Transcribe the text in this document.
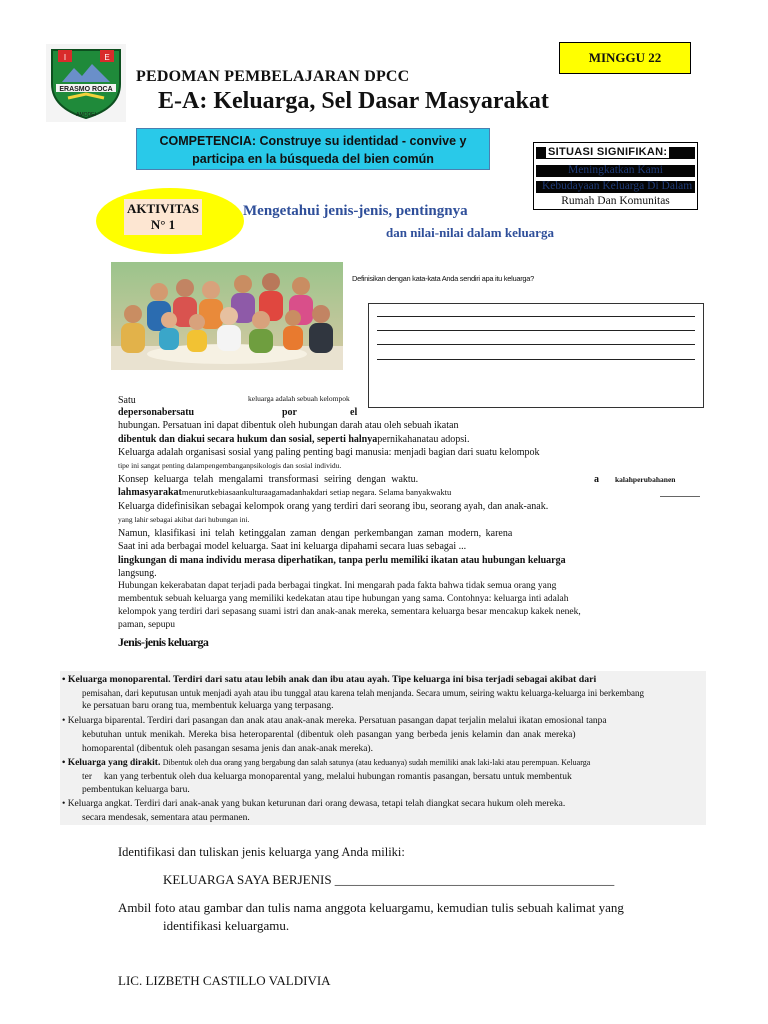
I	E
ERASMO ROCA
AMODEI
MINGGU 22
PEDOMAN PEMBELAJARAN DPCC
E-A: Keluarga, Sel Dasar Masyarakat
COMPETENCIA: Construye su identidad - convive y
participa en la búsqueda del bien común	SITUASI SIGNIFIKAN:
Meningkatkan Kami
Kebudayaan Keluarga Di Dalam
Rumah Dan Komunitas
AKTIVITAS
N° 1
Mengetahui jenis-jenis, pentingnya
dan nilai-nilai dalam keluarga
Definisikan dengan kata-kata Anda sendiri apa itu keluarga?
Satu	keluarga adalah sebuah kelompok
depersonabersatu	por	el
hubungan. Persatuan ini dapat dibentuk oleh hubungan darah atau oleh sebuah ikatan
dibentuk dan diakui secara hukum dan sosial, seperti halnyapernikahanatau adopsi.
Keluarga adalah organisasi sosial yang paling penting bagi manusia: menjadi bagian dari suatu kelompok
tipe ini sangat penting dalampengembanganpsikologis dan sosial individu.
Konsep keluarga telah mengalami transformasi seiring dengan waktu.	a kalahperubahanen
lahmasyarakatmenurutkebiasaankulturaagamadanhakdari setiap negara. Selama banyakwaktu
Keluarga didefinisikan sebagai kelompok orang yang terdiri dari seorang ibu, seorang ayah, dan anak-anak.
yang lahir sebagai akibat dari hubungan ini.
Namun, klasifikasi ini telah ketinggalan zaman dengan perkembangan zaman modern, karena
Saat ini ada berbagai model keluarga. Saat ini keluarga dipahami secara luas sebagai ...
lingkungan di mana individu merasa diperhatikan, tanpa perlu memiliki ikatan atau hubungan keluarga
langsung.
Hubungan kekerabatan dapat terjadi pada berbagai tingkat. Ini mengarah pada fakta bahwa tidak semua orang yang
membentuk sebuah keluarga yang memiliki kedekatan atau tipe hubungan yang sama. Contohnya: keluarga inti adalah
kelompok yang terdiri dari sepasang suami istri dan anak-anak mereka, sementara keluarga besar mencakup kakek nenek,
paman, sepupu
Jenis-jenis keluarga
• Keluarga monoparental. Terdiri dari satu atau lebih anak dan ibu atau ayah. Tipe keluarga ini bisa terjadi sebagai akibat dari
pemisahan, dari keputusan untuk menjadi ayah atau ibu tunggal atau karena telah menjanda. Secara umum, seiring waktu keluarga-keluarga ini berkembang
ke persatuan baru orang tua, membentuk keluarga yang terpasang.
• Keluarga biparental. Terdiri dari pasangan dan anak atau anak-anak mereka. Persatuan pasangan dapat terjalin melalui ikatan emosional tanpa
kebutuhan untuk menikah. Mereka bisa heteroparental (dibentuk oleh pasangan yang berbeda jenis kelamin dan anak mereka)
homoparental (dibentuk oleh pasangan sesama jenis dan anak-anak mereka).
• Keluarga yang dirakit. Dibentuk oleh dua orang yang bergabung dan salah satunya (atau keduanya) sudah memiliki anak laki-laki atau perempuan. Keluarga
ter     kan yang terbentuk oleh dua keluarga monoparental yang, melalui hubungan romantis pasangan, bersatu untuk membentuk
pembentukan keluarga baru.
• Keluarga angkat. Terdiri dari anak-anak yang bukan keturunan dari orang dewasa, tetapi telah diangkat secara hukum oleh mereka.
secara mendesak, sementara atau permanen.
Identifikasi dan tuliskan jenis keluarga yang Anda miliki:
KELUARGA SAYA BERJENIS ___________________________________________
Ambil foto atau gambar dan tulis nama anggota keluargamu, kemudian tulis sebuah kalimat yang
identifikasi keluargamu.
LIC. LIZBETH CASTILLO VALDIVIA
